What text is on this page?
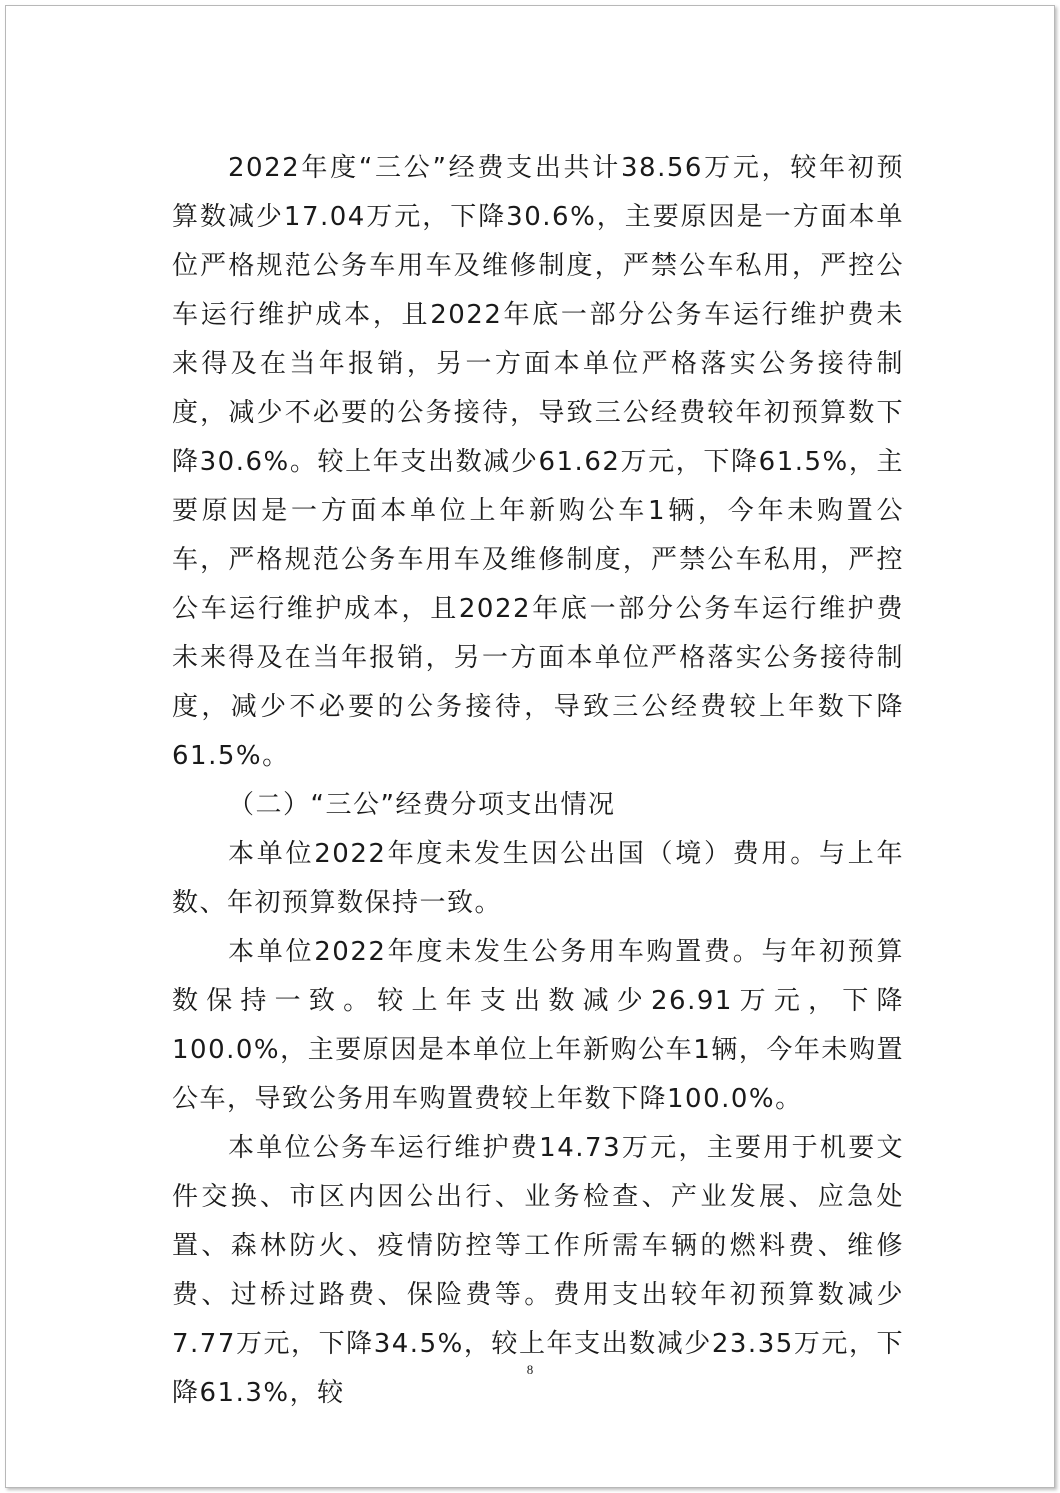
2022年度“三公”经费支出共计38.56万元，较年初预算数减少17.04万元，下降30.6%，主要原因是一方面本单位严格规范公务车用车及维修制度，严禁公车私用，严控公车运行维护成本，且2022年底一部分公务车运行维护费未来得及在当年报销，另一方面本单位严格落实公务接待制度，减少不必要的公务接待，导致三公经费较年初预算数下降30.6%。较上年支出数减少61.62万元，下降61.5%，主要原因是一方面本单位上年新购公车1辆，今年未购置公车，严格规范公务车用车及维修制度，严禁公车私用，严控公车运行维护成本，且2022年底一部分公务车运行维护费未来得及在当年报销，另一方面本单位严格落实公务接待制度，减少不必要的公务接待，导致三公经费较上年数下降61.5%。

（二）“三公”经费分项支出情况

本单位2022年度未发生因公出国（境）费用。与上年数、年初预算数保持一致。

本单位2022年度未发生公务用车购置费。与年初预算数保持一致。较上年支出数减少26.91万元，下降100.0%，主要原因是本单位上年新购公车1辆，今年未购置公车，导致公务用车购置费较上年数下降100.0%。

本单位公务车运行维护费14.73万元，主要用于机要文件交换、市区内因公出行、业务检查、产业发展、应急处置、森林防火、疫情防控等工作所需车辆的燃料费、维修费、过桥过路费、保险费等。费用支出较年初预算数减少7.77万元，下降34.5%，较上年支出数减少23.35万元，下降61.3%，较

8
